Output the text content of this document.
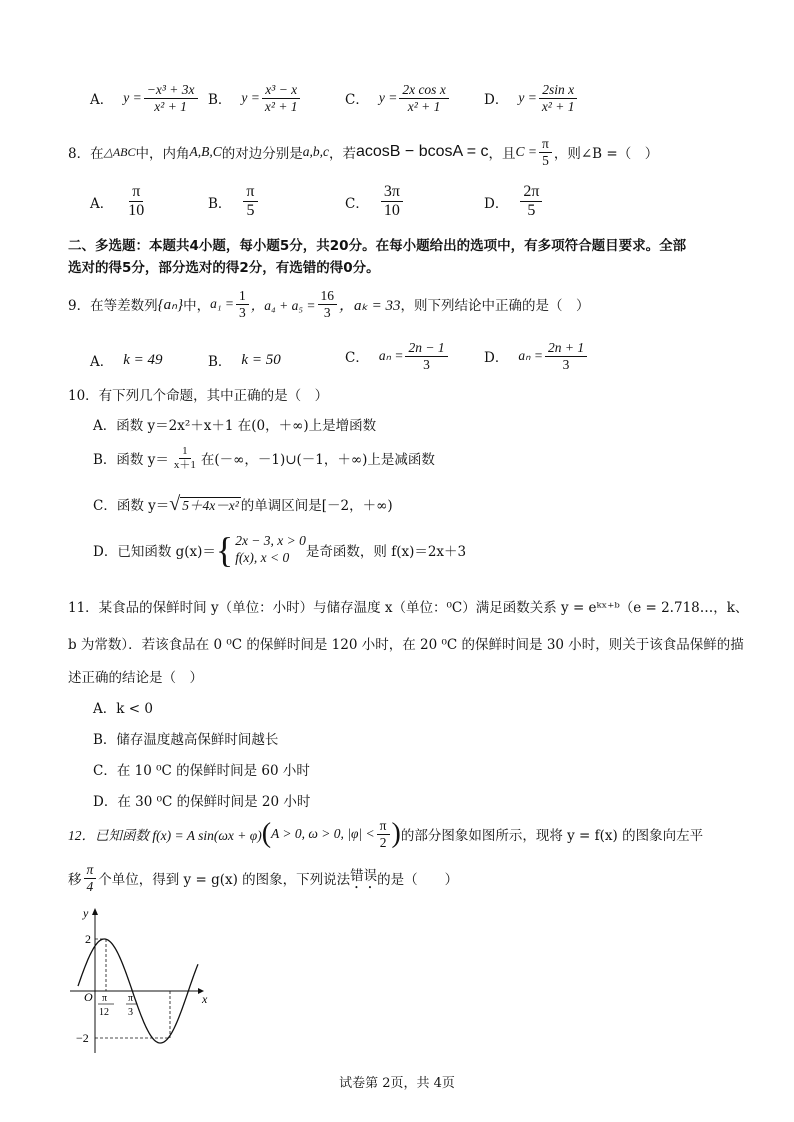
A． $y = \frac{\text{−x³ + 3x}}{\text{x² + 1}}$ B． $y = \frac{\text{x³ − x}}{\text{x² + 1}}$	C． $y = \frac{\text{2x cos x}}{\text{x² + 1}}$	D． $y = \frac{\text{2sin x}}{\text{x² + 1}}$
8．在 △ABC 中，内角 A,B,C 的对边分别是 a,b,c ，若 acosB − bcosA = c ，且 $C = \frac{\pi}{5}$ ，则∠B =（　）
A． $\frac{\pi}{10}$	B． $\frac{\pi}{5}$	C． $\frac{3\pi}{10}$	D． $\frac{2\pi}{5}$
二、多选题：本题共4小题，每小题5分，共20分。在每小题给出的选项中，有多项符合题目要求。全部
选对的得5分，部分选对的得2分，有选错的得0分。
9．在等差数列 {aₙ} 中， $a_1 = \frac{1}{3}$ ，$a_4 + a_5 = \frac{16}{3}$ ，aₖ = 33 ，则下列结论中正确的是（　）
A． k = 49	B． k = 50	C． $a_n = \frac{2n - 1}{3}$	D． $a_n = \frac{2n + 1}{3}$
10．有下列几个命题，其中正确的是（　）
A．函数 y＝2x²＋x＋1 在(0，＋∞)上是增函数
B．函数 $y= \frac{1}{x+1}$ 在(－∞，－1)∪(－1，＋∞)上是减函数
C．函数 y＝ √ 5＋4x－x² 的单调区间是[－2，＋∞)
D．已知函数 g(x)＝ { 2x − 3, x > 0
f(x), x < 0	是奇函数，则 f(x)＝2x＋3
11．某食品的保鲜时间 y（单位：小时）与储存温度 x（单位：⁰C）满足函数关系 y = eᵏˣ⁺ᵇ（e = 2.718…，k、
b 为常数）．若该食品在 0 ⁰C 的保鲜时间是 120 小时，在 20 ⁰C 的保鲜时间是 30 小时，则关于该食品保鲜的描
述正确的结论是（　）
A．k < 0
B．储存温度越高保鲜时间越长
C．在 10 ⁰C 的保鲜时间是 60 小时
D．在 30 ⁰C 的保鲜时间是 20 小时
12．已知函数 f(x) = A sin(ωx + φ) ( A > 0, ω > 0, $|\varphi| < \frac{\pi}{2}$ ) 的部分图象如图所示，现将 y = f(x) 的图象向左平
移 $\frac{\pi}{4}$ 个单位，得到 y = g(x) 的图象，下列说法 错误 的是（　　）
y
x
O
2
−2
π
12
π
3
试卷第 2页，共 4页
